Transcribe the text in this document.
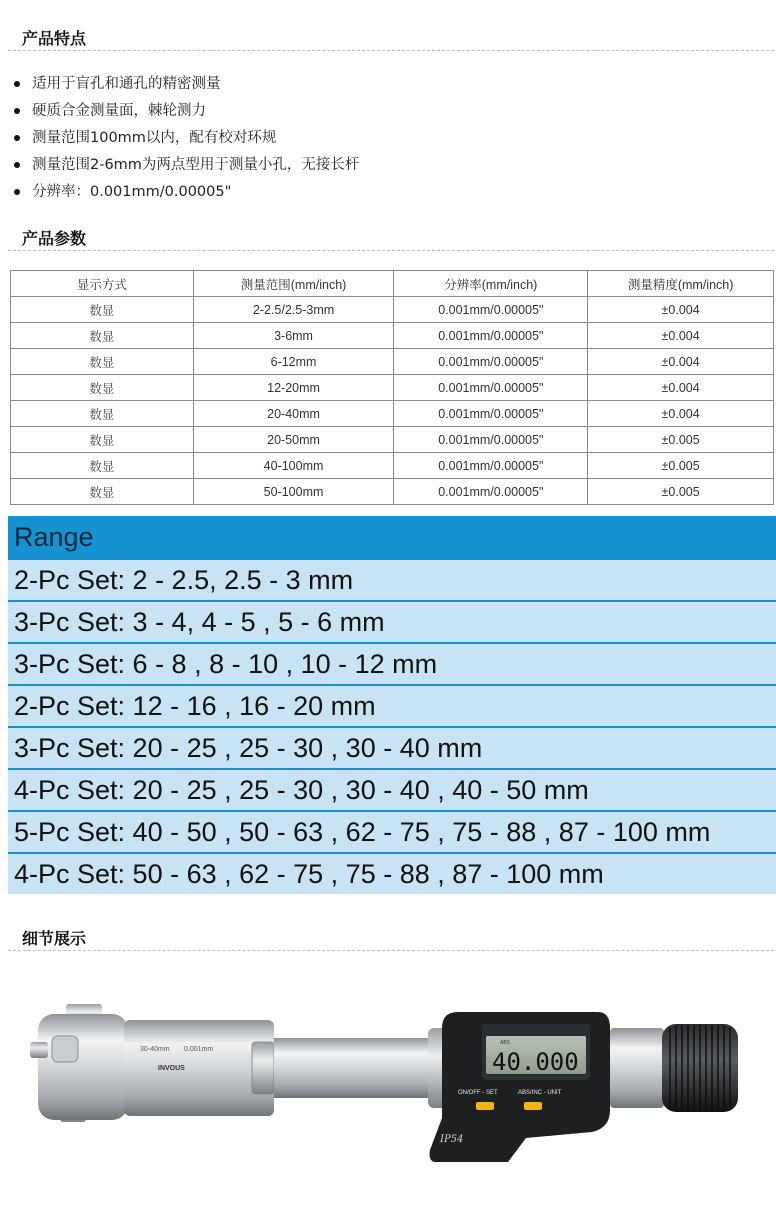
产品特点
适用于盲孔和通孔的精密测量
硬质合金测量面，棘轮测力
测量范围100mm以内，配有校对环规
测量范围2-6mm为两点型用于测量小孔，无接长杆
分辨率：0.001mm/0.00005"
产品参数
显示方式	测量范围(mm/inch)	分辨率(mm/inch)	测量精度(mm/inch)
数显	2-2.5/2.5-3mm	0.001mm/0.00005"	±0.004
数显	3-6mm	0.001mm/0.00005"	±0.004
数显	6-12mm	0.001mm/0.00005"	±0.004
数显	12-20mm	0.001mm/0.00005"	±0.004
数显	20-40mm	0.001mm/0.00005"	±0.004
数显	20-50mm	0.001mm/0.00005"	±0.005
数显	40-100mm	0.001mm/0.00005"	±0.005
数显	50-100mm	0.001mm/0.00005"	±0.005
Range
2-Pc Set: 2 - 2.5, 2.5 - 3 mm
3-Pc Set: 3 - 4, 4 - 5 , 5 - 6 mm
3-Pc Set: 6 - 8 , 8 - 10 , 10 - 12 mm
2-Pc Set: 12 - 16 , 16 - 20 mm
3-Pc Set: 20 - 25 , 25 - 30 , 30 - 40 mm
4-Pc Set: 20 - 25 , 25 - 30 , 30 - 40 , 40 - 50 mm
5-Pc Set: 40 - 50 , 50 - 63 , 62 - 75 , 75 - 88 , 87 - 100 mm
4-Pc Set: 50 - 63 , 62 - 75 , 75 - 88 , 87 - 100 mm
细节展示
30-40mm 0.001mm
INVOUS
ABS
40.000
ON/OFF - SET	ABS/INC - UNIT
IP54
